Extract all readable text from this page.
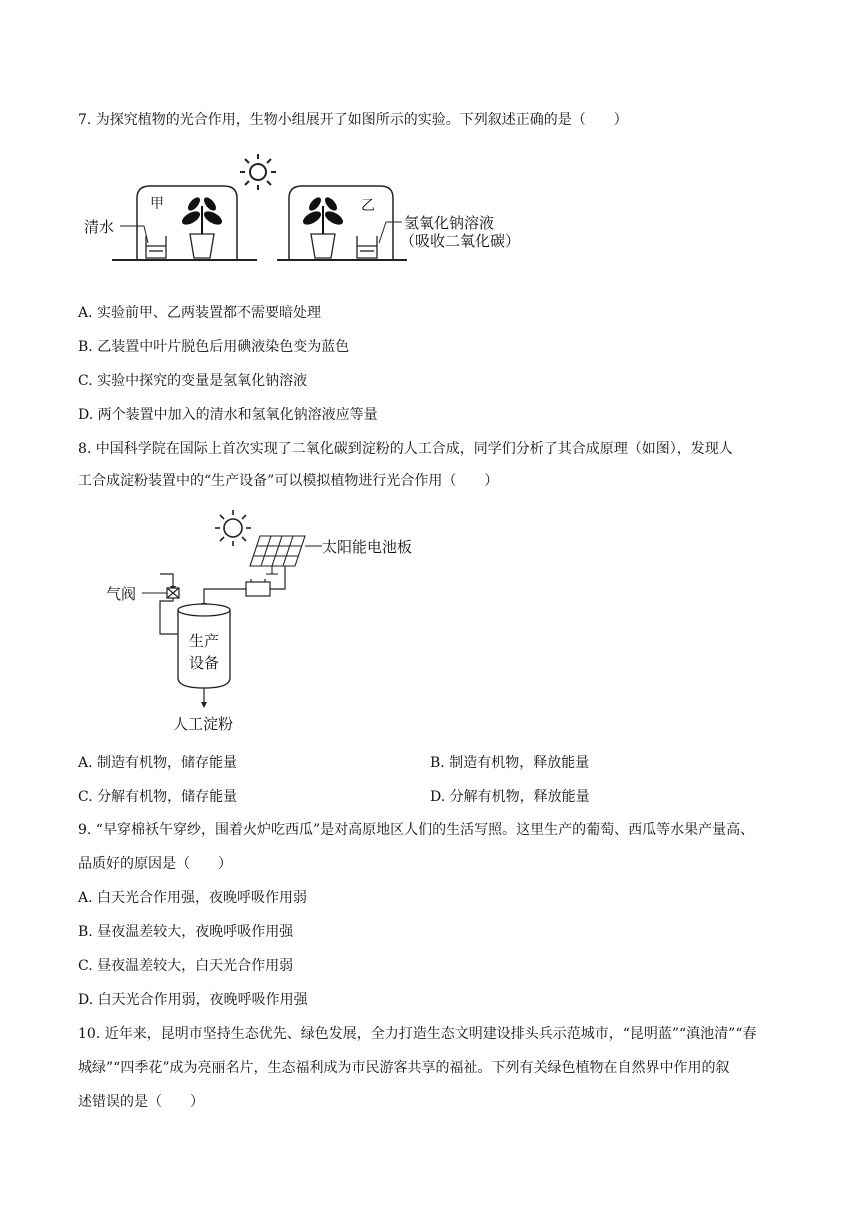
7. 为探究植物的光合作用，生物小组展开了如图所示的实验。下列叙述正确的是（　　）
清水
甲	乙
氢氧化钠溶液
（吸收二氧化碳）
A. 实验前甲、乙两装置都不需要暗处理
B. 乙装置中叶片脱色后用碘液染色变为蓝色
C. 实验中探究的变量是氢氧化钠溶液
D. 两个装置中加入的清水和氢氧化钠溶液应等量
8. 中国科学院在国际上首次实现了二氧化碳到淀粉的人工合成，同学们分析了其合成原理（如图），发现人
工合成淀粉装置中的“生产设备”可以模拟植物进行光合作用（　　）
太阳能电池板
气阀
生产
设备
人工淀粉
A. 制造有机物，储存能量	B. 制造有机物，释放能量
C. 分解有机物，储存能量	D. 分解有机物，释放能量
9. “早穿棉袄午穿纱，围着火炉吃西瓜”是对高原地区人们的生活写照。这里生产的葡萄、西瓜等水果产量高、
品质好的原因是（　　）
A. 白天光合作用强，夜晚呼吸作用弱
B. 昼夜温差较大，夜晚呼吸作用强
C. 昼夜温差较大，白天光合作用弱
D. 白天光合作用弱，夜晚呼吸作用强
10. 近年来，昆明市坚持生态优先、绿色发展，全力打造生态文明建设排头兵示范城市，“昆明蓝”“滇池清”“春
城绿”“四季花”成为亮丽名片，生态福利成为市民游客共享的福祉。下列有关绿色植物在自然界中作用的叙
述错误的是（　　）
